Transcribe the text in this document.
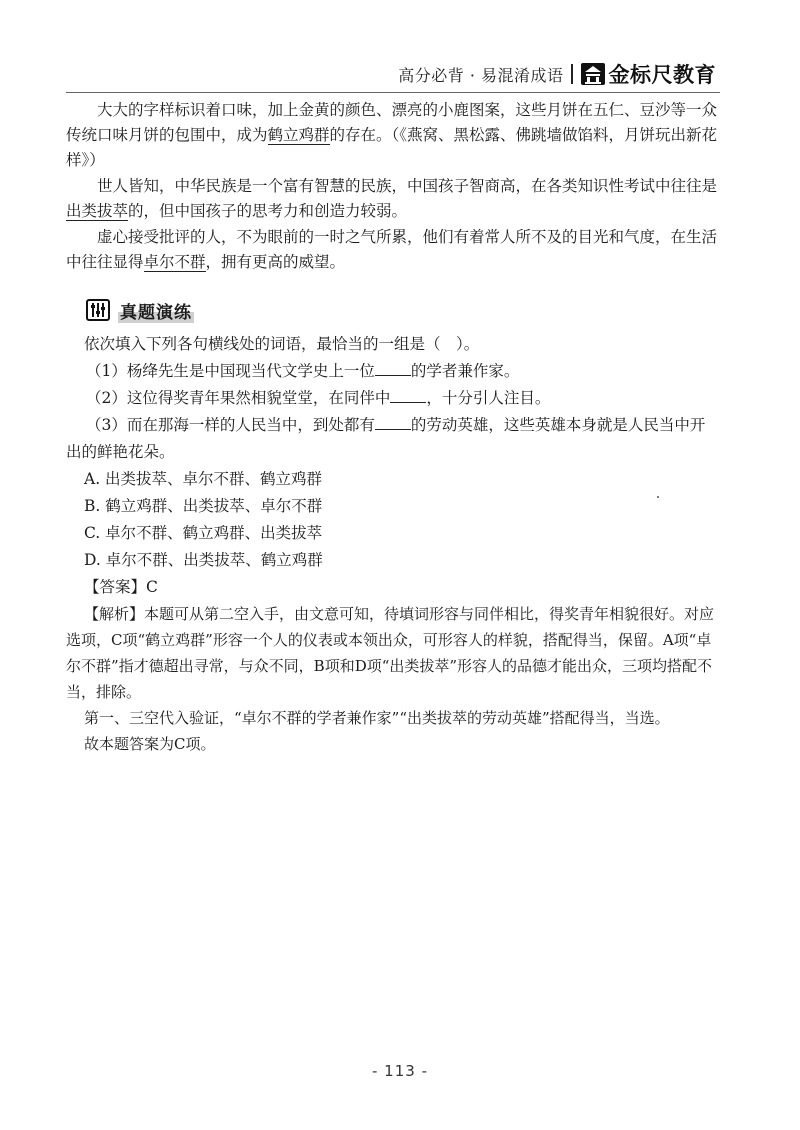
高分必背 · 易混淆成语 金标尺教育

大大的字样标识着口味，加上金黄的颜色、漂亮的小鹿图案，这些月饼在五仁、豆沙等一众传统口味月饼的包围中，成为鹤立鸡群的存在。（《燕窝、黑松露、佛跳墙做馅料，月饼玩出新花样》）

世人皆知，中华民族是一个富有智慧的民族，中国孩子智商高，在各类知识性考试中往往是出类拔萃的，但中国孩子的思考力和创造力较弱。

虚心接受批评的人，不为眼前的一时之气所累，他们有着常人所不及的目光和气度，在生活中往往显得卓尔不群，拥有更高的威望。

真题演练

依次填入下列各句横线处的词语，最恰当的一组是（　）。

（1）杨绛先生是中国现当代文学史上一位 的学者兼作家。

（2）这位得奖青年果然相貌堂堂，在同伴中 ，十分引人注目。

（3）而在那海一样的人民当中，到处都有 的劳动英雄，这些英雄本身就是人民当中开出的鲜艳花朵。

A. 出类拔萃、卓尔不群、鹤立鸡群

B. 鹤立鸡群、出类拔萃、卓尔不群

C. 卓尔不群、鹤立鸡群、出类拔萃

D. 卓尔不群、出类拔萃、鹤立鸡群

【答案】C

【解析】本题可从第二空入手，由文意可知，待填词形容与同伴相比，得奖青年相貌很好。对应选项，C项“鹤立鸡群”形容一个人的仪表或本领出众，可形容人的样貌，搭配得当，保留。A项“卓尔不群”指才德超出寻常，与众不同，B项和D项“出类拔萃”形容人的品德才能出众，三项均搭配不当，排除。

第一、三空代入验证，“卓尔不群的学者兼作家”“出类拔萃的劳动英雄”搭配得当，当选。

故本题答案为C项。

- 113 -
